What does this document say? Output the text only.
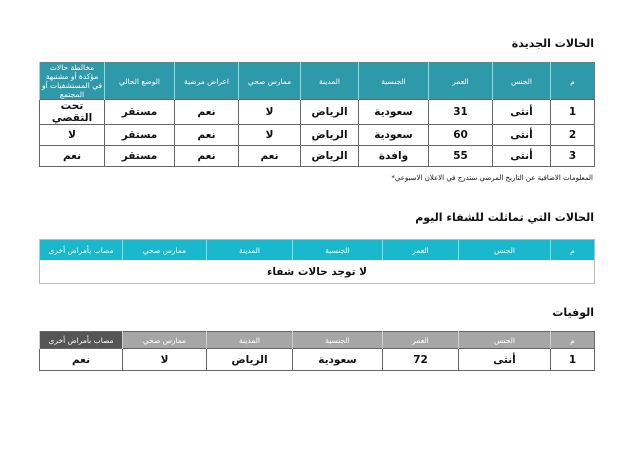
الحالات الجديدة
م	الجنس	العمر	الجنسية	المدينة	ممارس صحي	اعراض مرضية	الوضع الحالي	مخالطة حالات مؤكدة أو مشتبهة في المستشفيات أو المجتمع
1	أنثى	31	سعودية	الرياض	لا	نعم	مستقر	تحت التقصي
2	أنثى	60	سعودية	الرياض	لا	نعم	مستقر	لا
3	أنثى	55	وافدة	الرياض	نعم	نعم	مستقر	نعم
المعلومات الاضافية عن التاريخ المرضي ستدرج في الاعلان الاسبوعي*
الحالات التي تماثلت للشفاء اليوم
م	الجنس	العمر	الجنسية	المدينة	ممارس صحي	مصاب بأمراض أخرى
لا توجد حالات شفاء
الوفيات
م	الجنس	العمر	الجنسية	المدينة	ممارس صحي	مصاب بأمراض أخرى
1	أنثى	72	سعودية	الرياض	لا	نعم
